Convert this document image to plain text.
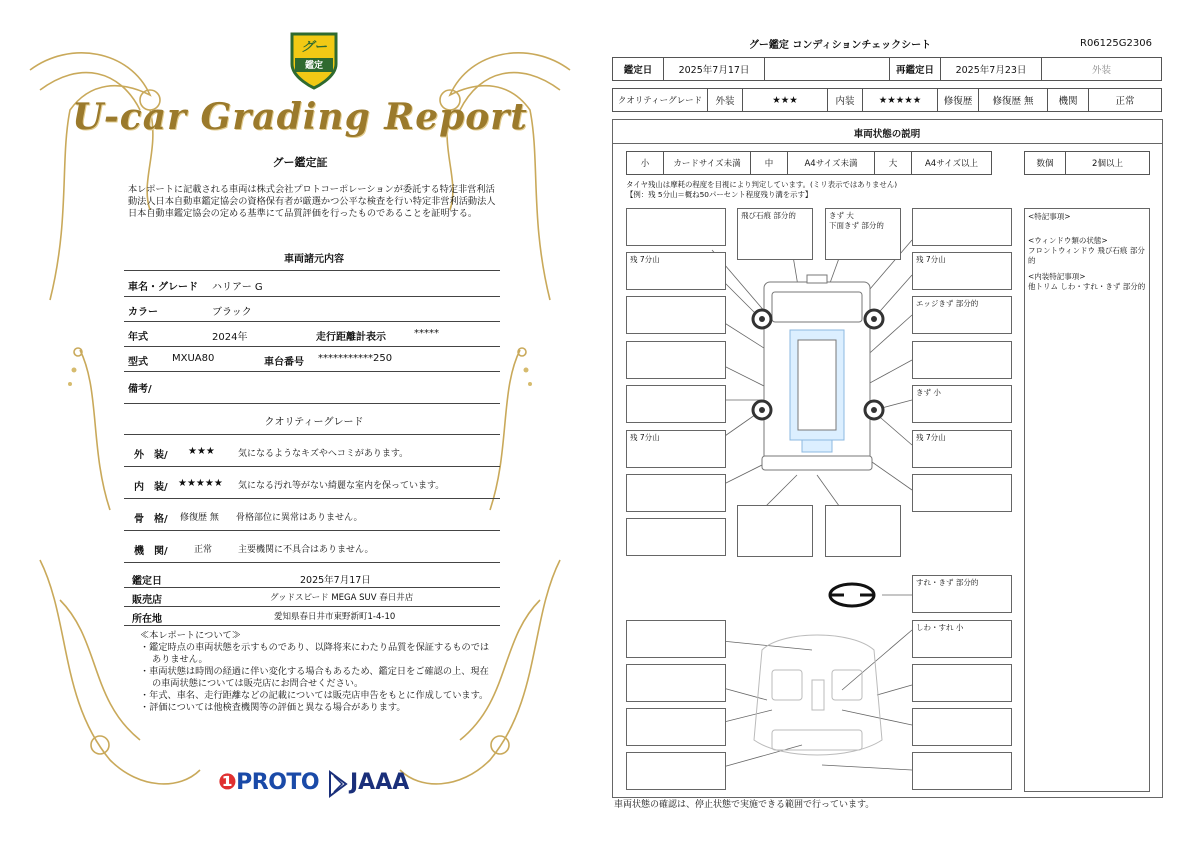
グー
鑑定
U-car Grading Report
グー鑑定証
本レポートに記載される車両は株式会社プロトコーポレーションが委託する特定非営利活動法人日本自動車鑑定協会の資格保有者が厳選かつ公平な検査を行い特定非営利活動法人日本自動車鑑定協会の定める基準にて品質評価を行ったものであることを証明する。
車両諸元内容
車名・グレード ハリアー G
カラー	ブラック
年式	2024年	走行距離計表示	*****
型式 MXUA80	車台番号 ***********250
備考/
クオリティーグレード
外　装/ ★★★	気になるようなキズやヘコミがあります。
内　装/ ★★★★★ 気になる汚れ等がない綺麗な室内を保っています。
骨　格/ 修復歴 無 骨格部位に異常はありません。
機　関/	正常	主要機関に不具合はありません。
鑑定日	2025年7月17日
販売店	グッドスピード MEGA SUV 春日井店
所在地	愛知県春日井市東野新町1-4-10
≪本レポートについて≫
・鑑定時点の車両状態を示すものであり、以降将来にわたり品質を保証するものではありません。
・車両状態は時間の経過に伴い変化する場合もあるため、鑑定日をご確認の上、現在の車両状態については販売店にお問合せください。
・年式、車名、走行距離などの記載については販売店申告をもとに作成しています。
・評価については他検査機関等の評価と異なる場合があります。
❶PROTO JAAA
グー鑑定 コンディションチェックシート	R06125G2306
鑑定日	2025年7月17日		再鑑定日	2025年7月23日	外装
クオリティーグレード	外装	★★★	内装	★★★★★	修復歴	修復歴 無	機関	正常
車両状態の説明
小	カードサイズ未満	中	A4サイズ未満	大	A4サイズ以上	数個	2個以上
タイヤ残山は摩耗の程度を目視により判定しています。(ミリ表示ではありません)
【例：残 5分山＝概ね50パーセント程度残り溝を示す】
残 7分山
残 7分山
飛び石痕 部分的	きず 大
下面きず 部分的
残 7分山
エッジきず 部分的
きず 小
残 7分山
すれ・きず 部分的
しわ・すれ 小
<特記事項>
<ウィンドウ類の状態>
フロントウィンドウ 飛び石痕 部分的
<内装特記事項>
他トリム しわ・すれ・きず 部分的
車両状態の確認は、停止状態で実施できる範囲で行っています。
